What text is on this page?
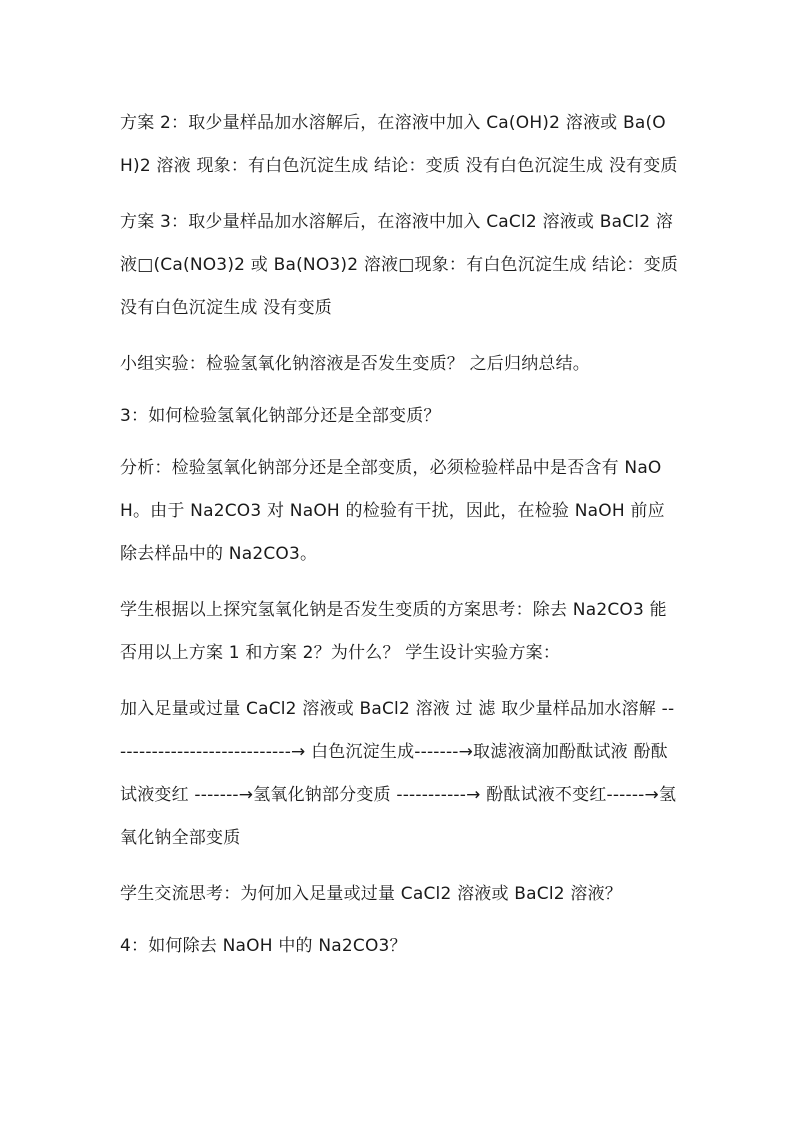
方案 2：取少量样品加水溶解后，在溶液中加入 Ca(OH)2 溶液或 Ba(OH)2 溶液 现象：有白色沉淀生成 结论：变质 没有白色沉淀生成 没有变质

方案 3：取少量样品加水溶解后，在溶液中加入 CaCl2 溶液或 BaCl2 溶液□(Ca(NO3)2 或 Ba(NO3)2 溶液□现象：有白色沉淀生成 结论：变质 没有白色沉淀生成 没有变质

小组实验：检验氢氧化钠溶液是否发生变质？ 之后归纳总结。

3：如何检验氢氧化钠部分还是全部变质？

分析：检验氢氧化钠部分还是全部变质，必须检验样品中是否含有 NaOH。由于 Na2CO3 对 NaOH 的检验有干扰，因此，在检验 NaOH 前应除去样品中的 Na2CO3。

学生根据以上探究氢氧化钠是否发生变质的方案思考：除去 Na2CO3 能否用以上方案 1 和方案 2？为什么？ 学生设计实验方案：

加入足量或过量 CaCl2 溶液或 BaCl2 溶液 过 滤 取少量样品加水溶解 -----------------------------→ 白色沉淀生成-------→取滤液滴加酚酞试液 酚酞试液变红 -------→氢氧化钠部分变质 -----------→ 酚酞试液不变红------→氢氧化钠全部变质

学生交流思考：为何加入足量或过量 CaCl2 溶液或 BaCl2 溶液？

4：如何除去 NaOH 中的 Na2CO3？
